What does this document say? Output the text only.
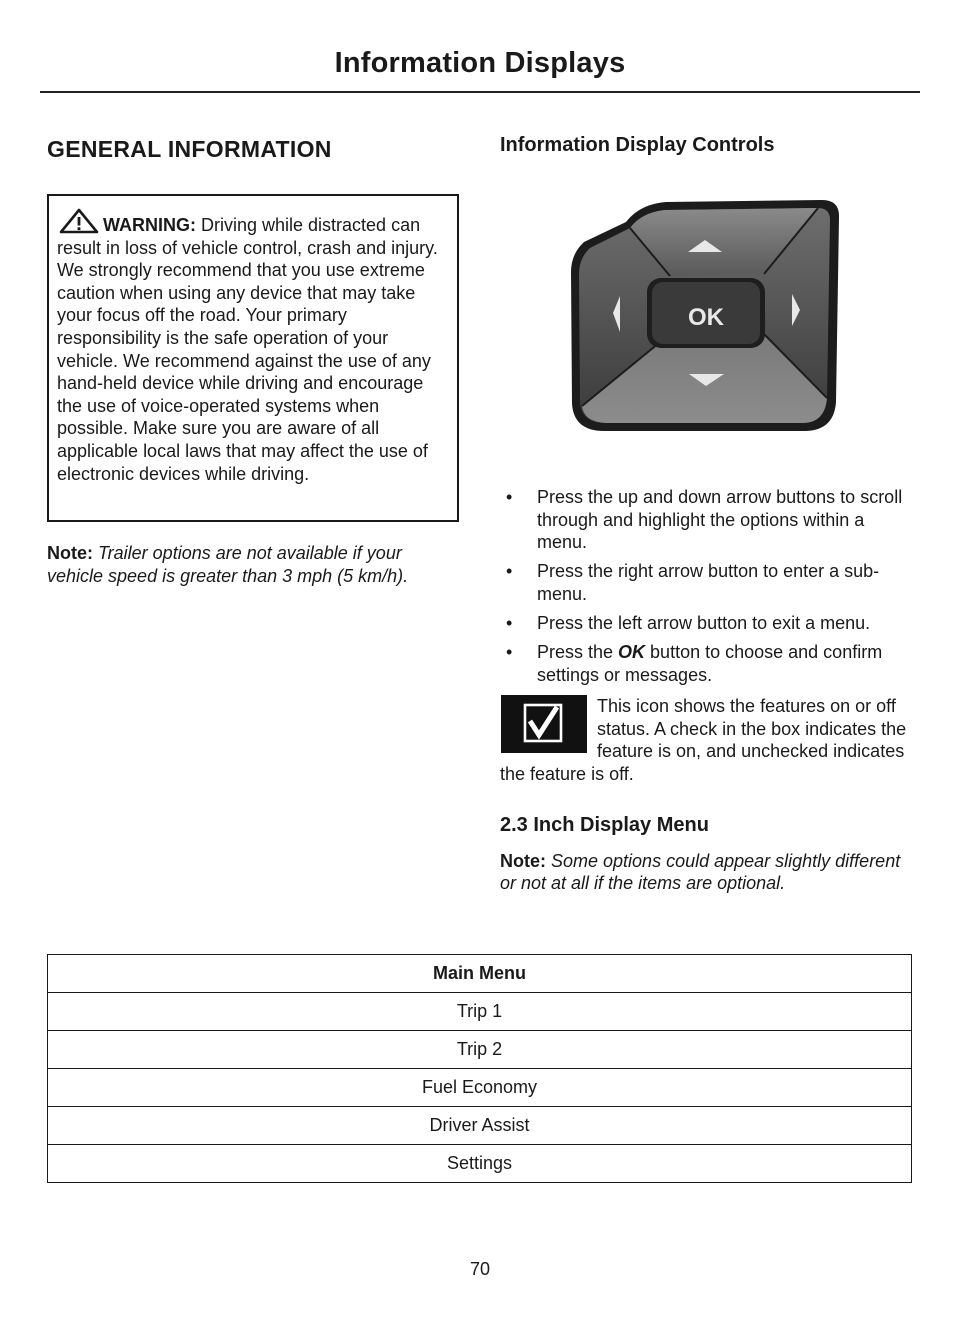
Information Displays
GENERAL INFORMATION
WARNING: Driving while distracted can result in loss of vehicle control, crash and injury. We strongly recommend that you use extreme caution when using any device that may take your focus off the road. Your primary responsibility is the safe operation of your vehicle. We recommend against the use of any hand-held device while driving and encourage the use of voice-operated systems when possible. Make sure you are aware of all applicable local laws that may affect the use of electronic devices while driving.
Note: Trailer options are not available if your vehicle speed is greater than 3 mph (5 km/h).
Information Display Controls
OK
• Press the up and down arrow buttons to scroll through and highlight the options within a menu.
• Press the right arrow button to enter a sub-menu.
• Press the left arrow button to exit a menu.
• Press the OK button to choose and confirm settings or messages.
This icon shows the features on or off status. A check in the box indicates the feature is on, and unchecked indicates the feature is off.
2.3 Inch Display Menu
Note: Some options could appear slightly different or not at all if the items are optional.
Main Menu
Trip 1
Trip 2
Fuel Economy
Driver Assist
Settings
70
